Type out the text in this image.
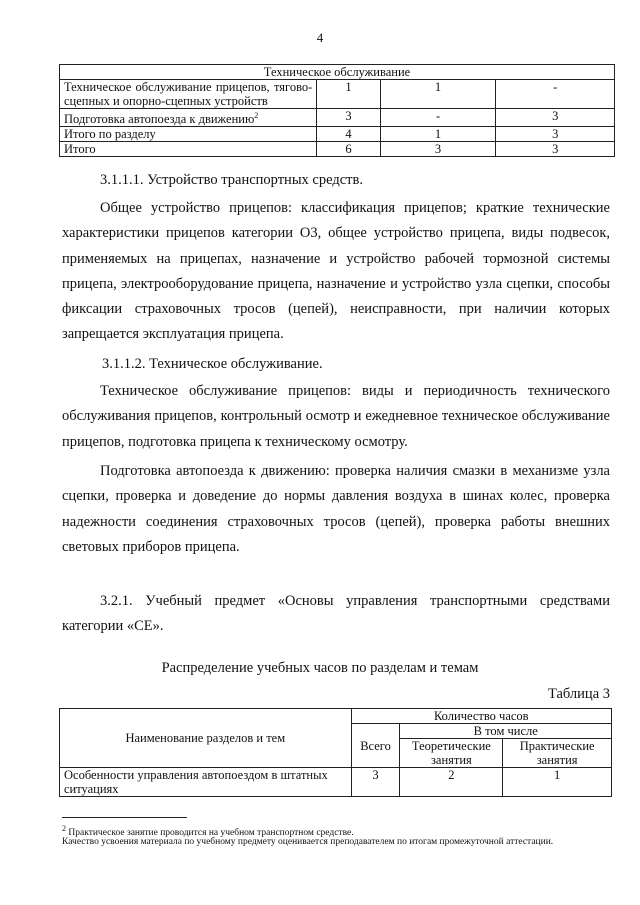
4
Техническое обслуживание			
Техническое обслуживание прицепов, тягово-сцепных и опорно-сцепных устройств	1	1	-
Подготовка автопоезда к движению$^2$	3	-	3
Итого по разделу	4	1	3
Итого	6	3	3

3.1.1.1. Устройство транспортных средств.

Общее устройство прицепов: классификация прицепов; краткие технические характеристики прицепов категории О3, общее устройство прицепа, виды подвесок, применяемых на прицепах, назначение и устройство рабочей тормозной системы прицепа, электрооборудование прицепа, назначение и устройство узла сцепки, способы фиксации страховочных тросов (цепей), неисправности, при наличии которых запрещается эксплуатация прицепа.

3.1.1.2. Техническое обслуживание.

Техническое обслуживание прицепов: виды и периодичность технического обслуживания прицепов, контрольный осмотр и ежедневное техническое обслуживание прицепов, подготовка прицепа к техническому осмотру.

Подготовка автопоезда к движению: проверка наличия смазки в механизме узла сцепки, проверка и доведение до нормы давления воздуха в шинах колес, проверка надежности соединения страховочных тросов (цепей), проверка работы внешних световых приборов прицепа.

3.2.1. Учебный предмет «Основы управления транспортными средствами категории «СЕ».

Распределение учебных часов по разделам и темам

Таблица 3

Наименование разделов и тем	Количество часов		
	Всего	В том числе	
		Теоретические занятия	Практические занятия
Особенности управления автопоездом в штатных ситуациях	3	2	1

$^2$ Практическое занятие проводится на учебном транспортном средстве.

Качество усвоения материала по учебному предмету оценивается преподавателем по итогам промежуточной аттестации.
